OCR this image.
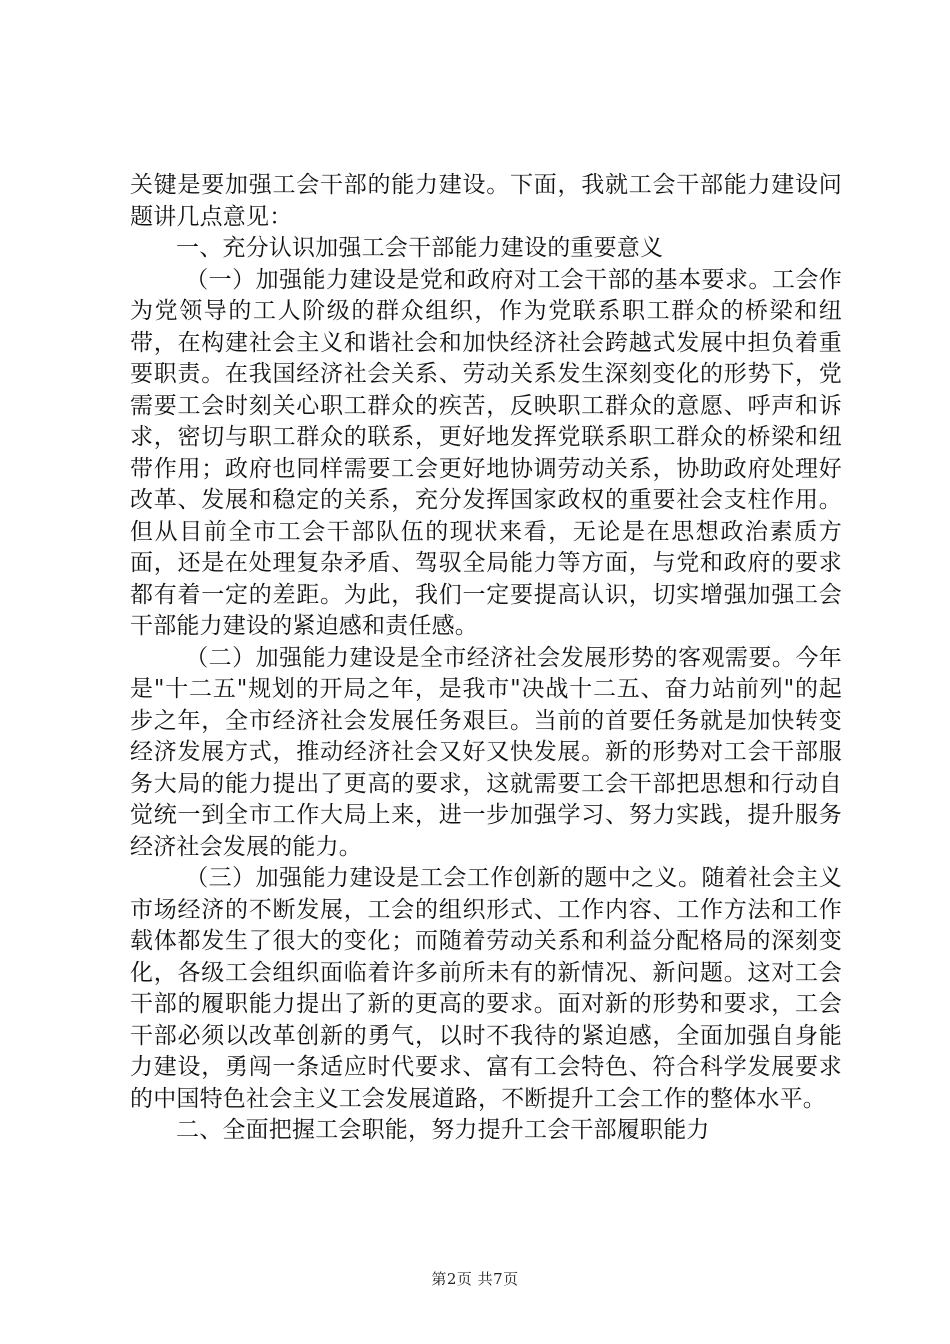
关键是要加强工会干部的能力建设。下面，我就工会干部能力建设问题讲几点意见：

一、充分认识加强工会干部能力建设的重要意义

（一）加强能力建设是党和政府对工会干部的基本要求。工会作为党领导的工人阶级的群众组织，作为党联系职工群众的桥梁和纽带，在构建社会主义和谐社会和加快经济社会跨越式发展中担负着重要职责。在我国经济社会关系、劳动关系发生深刻变化的形势下，党需要工会时刻关心职工群众的疾苦，反映职工群众的意愿、呼声和诉求，密切与职工群众的联系，更好地发挥党联系职工群众的桥梁和纽带作用；政府也同样需要工会更好地协调劳动关系，协助政府处理好改革、发展和稳定的关系，充分发挥国家政权的重要社会支柱作用。但从目前全市工会干部队伍的现状来看，无论是在思想政治素质方面，还是在处理复杂矛盾、驾驭全局能力等方面，与党和政府的要求都有着一定的差距。为此，我们一定要提高认识，切实增强加强工会干部能力建设的紧迫感和责任感。

（二）加强能力建设是全市经济社会发展形势的客观需要。今年是"十二五"规划的开局之年，是我市"决战十二五、奋力站前列"的起步之年，全市经济社会发展任务艰巨。当前的首要任务就是加快转变经济发展方式，推动经济社会又好又快发展。新的形势对工会干部服务大局的能力提出了更高的要求，这就需要工会干部把思想和行动自觉统一到全市工作大局上来，进一步加强学习、努力实践，提升服务经济社会发展的能力。

（三）加强能力建设是工会工作创新的题中之义。随着社会主义市场经济的不断发展，工会的组织形式、工作内容、工作方法和工作载体都发生了很大的变化；而随着劳动关系和利益分配格局的深刻变化，各级工会组织面临着许多前所未有的新情况、新问题。这对工会干部的履职能力提出了新的更高的要求。面对新的形势和要求，工会干部必须以改革创新的勇气，以时不我待的紧迫感，全面加强自身能力建设，勇闯一条适应时代要求、富有工会特色、符合科学发展要求的中国特色社会主义工会发展道路，不断提升工会工作的整体水平。

二、全面把握工会职能，努力提升工会干部履职能力

第2页 共7页
